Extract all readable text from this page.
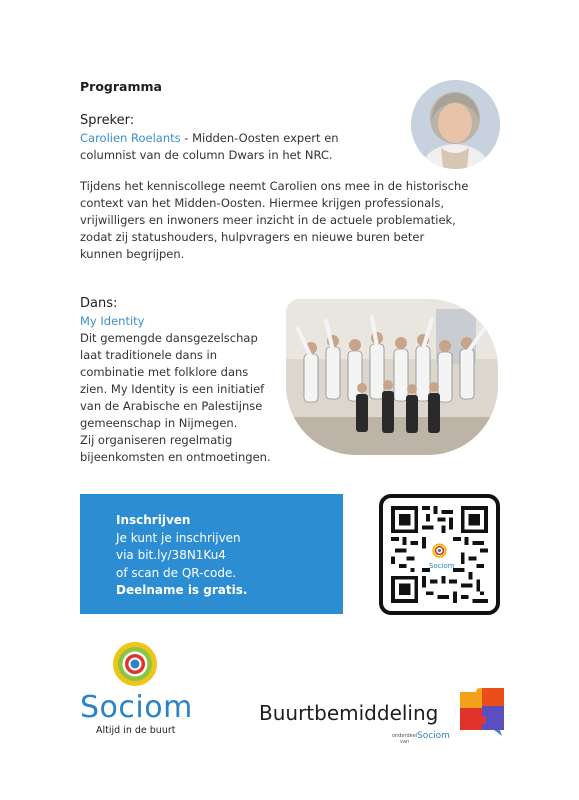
Programma
Spreker:
Carolien Roelants - Midden-Oosten expert en
columnist van de column Dwars in het NRC.
Tijdens het kenniscollege neemt Carolien ons mee in de historische
context van het Midden-Oosten. Hiermee krijgen professionals,
vrijwilligers en inwoners meer inzicht in de actuele problematiek,
zodat zij statushouders, hulpvragers en nieuwe buren beter
kunnen begrijpen.
Dans:
My Identity
Dit gemengde dansgezelschap
laat traditionele dans in
combinatie met folklore dans
zien. My Identity is een initiatief
van de Arabische en Palestijnse
gemeenschap in Nijmegen.
Zij organiseren regelmatig
bijeenkomsten en ontmoetingen.
Inschrijven
Je kunt je inschrijven
via bit.ly/38N1Ku4
of scan de QR-code.
Deelname is gratis.
Sociom
Sociom
Altijd in de buurt
Buurtbemiddeling
onderdeel
van
Sociom
